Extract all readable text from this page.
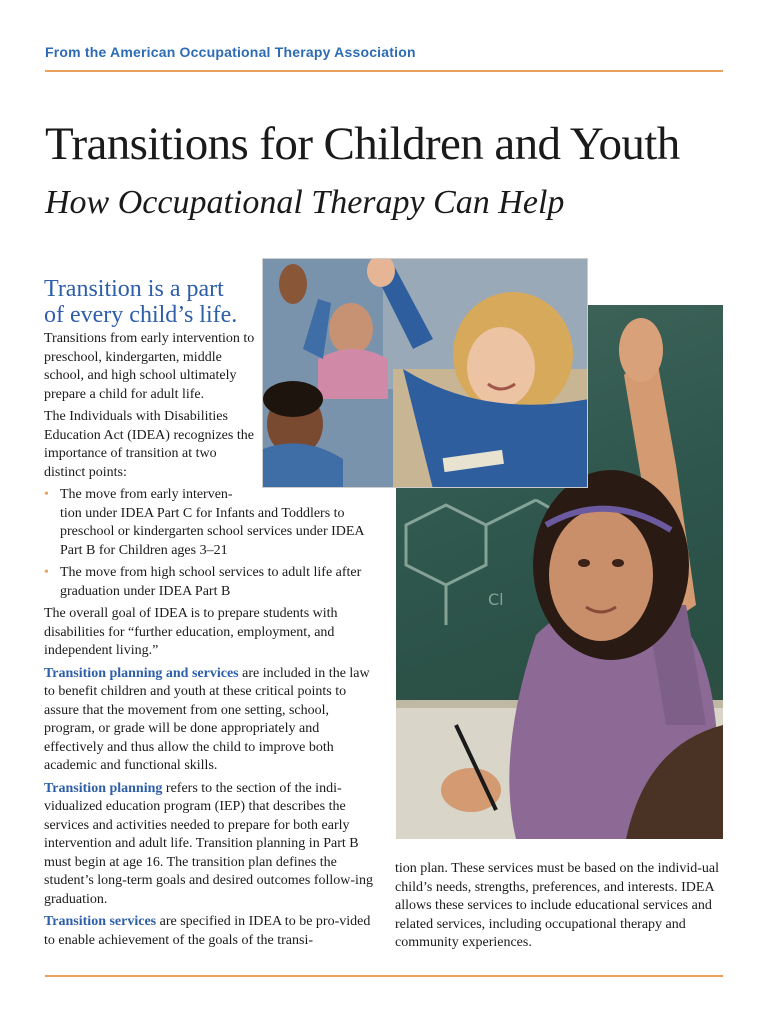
From the American Occupational Therapy Association
Transitions for Children and Youth
How Occupational Therapy Can Help
Cl
Transition is a part
of every child’s life.

Transitions from early intervention to preschool, kindergarten, middle school, and high school ultimately prepare a child for adult life.

The Individuals with Disabilities Education Act (IDEA) recognizes the importance of transition at two distinct points:

• The move from early interven-
tion under IDEA Part C for Infants and Toddlers to preschool or kindergarten school services under IDEA Part B for Children ages 3–21
• The move from high school services to adult life after graduation under IDEA Part B

The overall goal of IDEA is to prepare students with disabilities for “further education, employment, and independent living.”

Transition planning and services are included in the law to benefit children and youth at these critical points to assure that the movement from one setting, school, program, or grade will be done appropriately and effectively and thus allow the child to improve both academic and functional skills.

Transition planning refers to the section of the indi-vidualized education program (IEP) that describes the services and activities needed to prepare for both early intervention and adult life. Transition planning in Part B must begin at age 16. The transition plan defines the student’s long-term goals and desired outcomes follow-ing graduation.

Transition services are specified in IDEA to be pro-vided to enable achievement of the goals of the transi-

tion plan. These services must be based on the individ-ual child’s needs, strengths, preferences, and interests. IDEA allows these services to include educational services and related services, including occupational therapy and community experiences.
